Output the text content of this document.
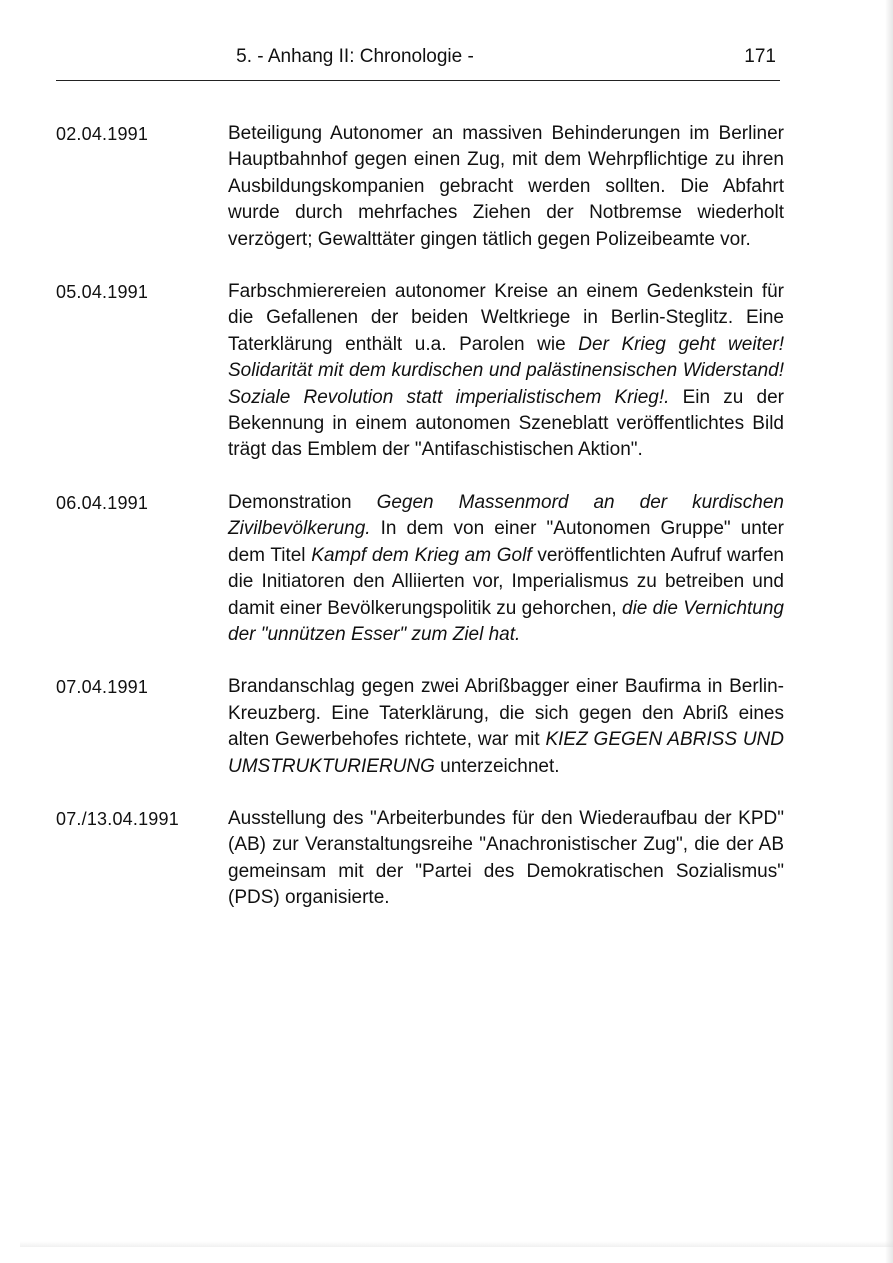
5. - Anhang II: Chronologie -	171
02.04.1991	Beteiligung Autonomer an massiven Behinderungen im Berliner Hauptbahnhof gegen einen Zug, mit dem Wehrpflichtige zu ihren Ausbildungskompanien gebracht werden sollten. Die Abfahrt wurde durch mehrfaches Ziehen der Notbremse wiederholt verzögert; Gewalttäter gingen tätlich gegen Polizeibeamte vor.
05.04.1991	Farbschmierereien autonomer Kreise an einem Gedenkstein für die Gefallenen der beiden Weltkriege in Berlin-Steglitz. Eine Taterklärung enthält u.a. Parolen wie Der Krieg geht weiter! Solidarität mit dem kurdischen und palästinensischen Widerstand! Soziale Revolution statt imperialistischem Krieg!. Ein zu der Bekennung in einem autonomen Szeneblatt veröffentlichtes Bild trägt das Emblem der "Antifaschistischen Aktion".
06.04.1991	Demonstration Gegen Massenmord an der kurdischen Zivilbevölkerung. In dem von einer "Autonomen Gruppe" unter dem Titel Kampf dem Krieg am Golf veröffentlichten Aufruf warfen die Initiatoren den Alliierten vor, Imperialismus zu betreiben und damit einer Bevölkerungspolitik zu gehorchen, die die Vernichtung der "unnützen Esser" zum Ziel hat.
07.04.1991	Brandanschlag gegen zwei Abrißbagger einer Baufirma in Berlin-Kreuzberg. Eine Taterklärung, die sich gegen den Abriß eines alten Gewerbehofes richtete, war mit KIEZ GEGEN ABRISS UND UMSTRUKTURIERUNG unterzeichnet.
07./13.04.1991	Ausstellung des "Arbeiterbundes für den Wiederaufbau der KPD" (AB) zur Veranstaltungsreihe "Anachronistischer Zug", die der AB gemeinsam mit der "Partei des Demokratischen Sozialismus" (PDS) organisierte.
